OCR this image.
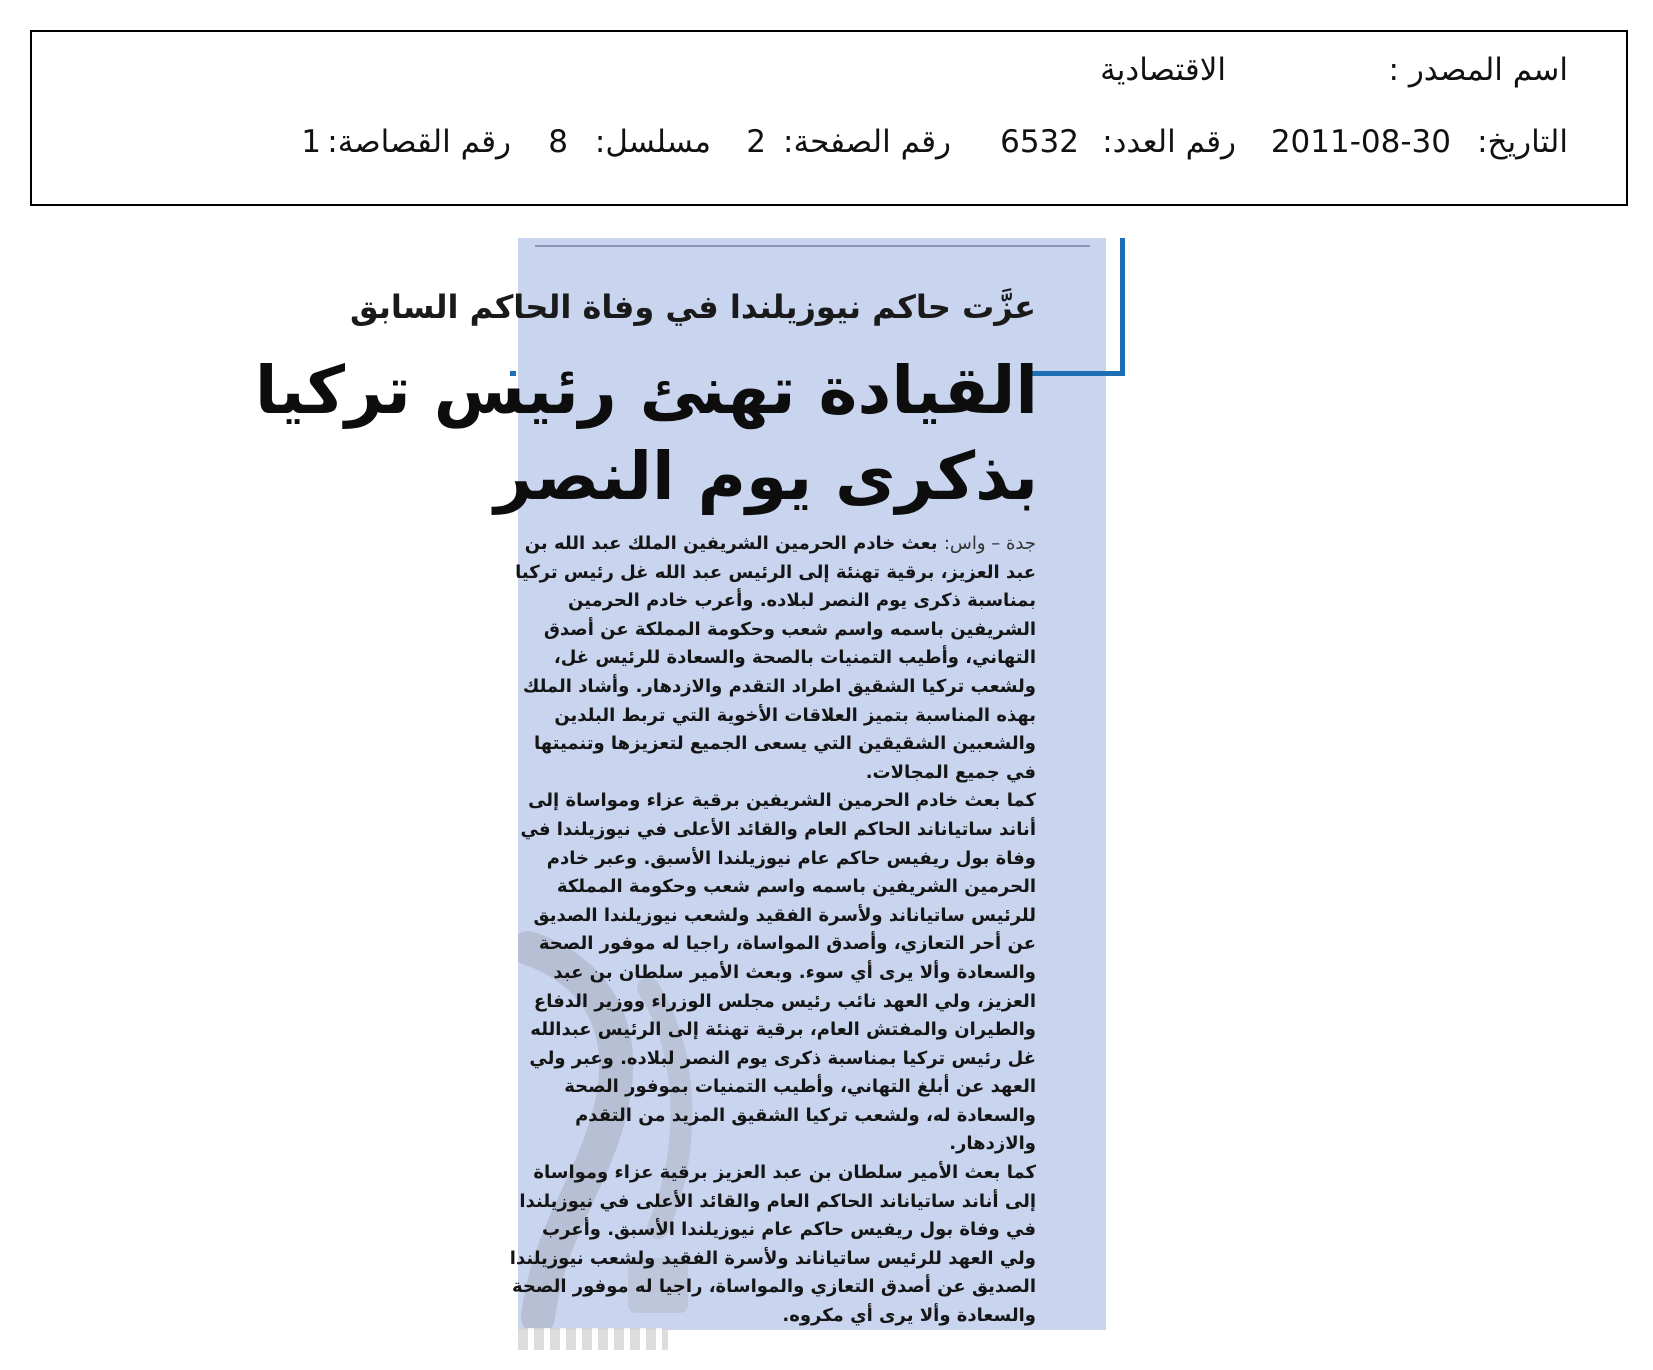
اسم المصدر :
الاقتصادية
التاريخ:
2011-08-30
رقم العدد:
6532
رقم الصفحة:
2
مسلسل:
8
رقم القصاصة:
1
عزَّت حاكم نيوزيلندا في وفاة الحاكم السابق
القيادة تهنئ رئيس تركيا
بذكرى يوم النصر

جدة – واس: بعث خادم الحرمين الشريفين الملك عبد الله بن عبد العزيز، برقية تهنئة إلى الرئيس عبد الله غل رئيس تركيا بمناسبة ذكرى يوم النصر لبلاده. وأعرب خادم الحرمين الشريفين باسمه واسم شعب وحكومة المملكة عن أصدق التهاني، وأطيب التمنيات بالصحة والسعادة للرئيس غل، ولشعب تركيا الشقيق اطراد التقدم والازدهار. وأشاد الملك بهذه المناسبة بتميز العلاقات الأخوية التي تربط البلدين والشعبين الشقيقين التي يسعى الجميع لتعزيزها وتنميتها في جميع المجالات.

كما بعث خادم الحرمين الشريفين برقية عزاء ومواساة إلى أناند ساتياناند الحاكم العام والقائد الأعلى في نيوزيلندا في وفاة بول ريفيس حاكم عام نيوزيلندا الأسبق. وعبر خادم الحرمين الشريفين باسمه واسم شعب وحكومة المملكة للرئيس ساتياناند ولأسرة الفقيد ولشعب نيوزيلندا الصديق عن أحر التعازي، وأصدق المواساة، راجيا له موفور الصحة والسعادة وألا يرى أي سوء. وبعث الأمير سلطان بن عبد العزيز، ولي العهد نائب رئيس مجلس الوزراء ووزير الدفاع والطيران والمفتش العام، برقية تهنئة إلى الرئيس عبدالله غل رئيس تركيا بمناسبة ذكرى يوم النصر لبلاده. وعبر ولي العهد عن أبلغ التهاني، وأطيب التمنيات بموفور الصحة والسعادة له، ولشعب تركيا الشقيق المزيد من التقدم والازدهار.

كما بعث الأمير سلطان بن عبد العزيز برقية عزاء ومواساة إلى أناند ساتياناند الحاكم العام والقائد الأعلى في نيوزيلندا في وفاة بول ريفيس حاكم عام نيوزيلندا الأسبق. وأعرب ولي العهد للرئيس ساتياناند ولأسرة الفقيد ولشعب نيوزيلندا الصديق عن أصدق التعازي والمواساة، راجيا له موفور الصحة والسعادة وألا يرى أي مكروه.
